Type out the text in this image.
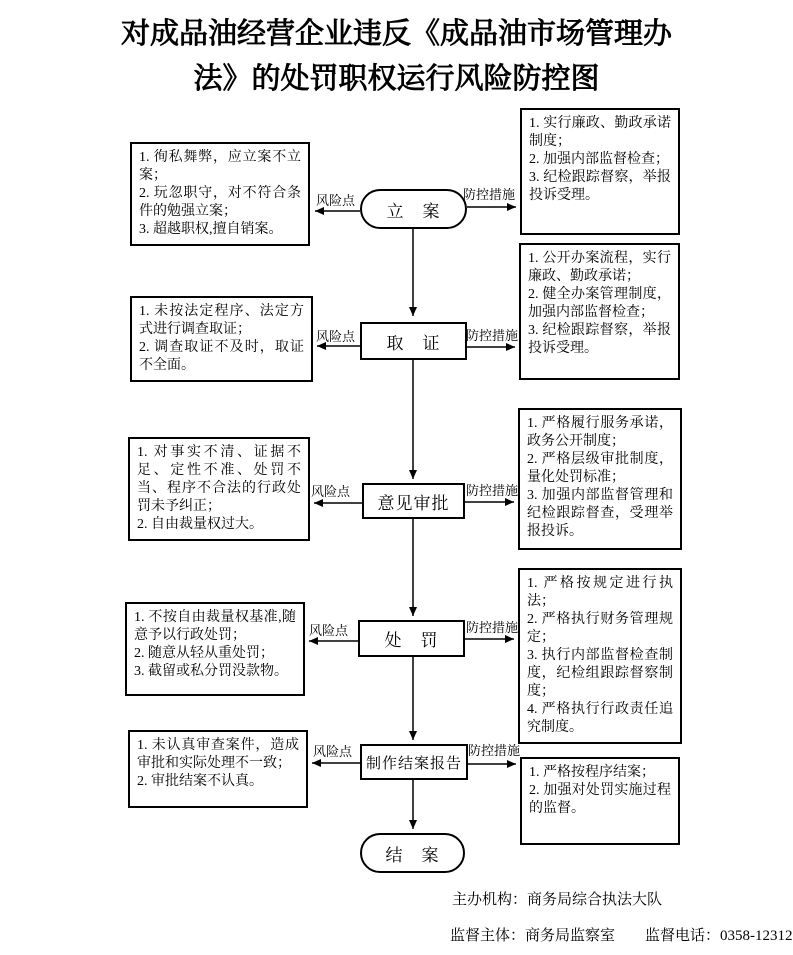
对成品油经营企业违反《成品油市场管理办法》的处罚职权运行风险防控图
1. 徇私舞弊，应立案不立案；
2. 玩忽职守，对不符合条件的勉强立案；
3. 超越职权,擅自销案。
风险点
立　案
防控措施
1. 实行廉政、勤政承诺制度；
2. 加强内部监督检查；
3. 纪检跟踪督察，举报投诉受理。
1. 未按法定程序、法定方式进行调查取证；
2. 调查取证不及时，取证不全面。
风险点	取　证	防控措施
1. 公开办案流程，实行廉政、勤政承诺；
2. 健全办案管理制度，加强内部监督检查；
3. 纪检跟踪督察，举报投诉受理。
1. 对事实不清、证据不足、定性不准、处罚不当、程序不合法的行政处罚未予纠正；
2. 自由裁量权过大。
风险点
意见审批
防控措施
1. 严格履行服务承诺，政务公开制度；
2. 严格层级审批制度，量化处罚标准；
3. 加强内部监督管理和纪检跟踪督查，受理举报投诉。
1. 不按自由裁量权基准,随意予以行政处罚；
2. 随意从轻从重处罚；
3. 截留或私分罚没款物。
风险点
处　罚
防控措施
1. 严格按规定进行执法；
2. 严格执行财务管理规定；
3. 执行内部监督检查制度，纪检组跟踪督察制度；
4. 严格执行行政责任追究制度。
1. 未认真审查案件，造成审批和实际处理不一致；
2. 审批结案不认真。
风险点
制作结案报告
防控措施
1. 严格按程序结案；
2. 加强对处罚实施过程的监督。
结　案
主办机构：商务局综合执法大队
监督主体：商务局监察室 监督电话：0358-12312
